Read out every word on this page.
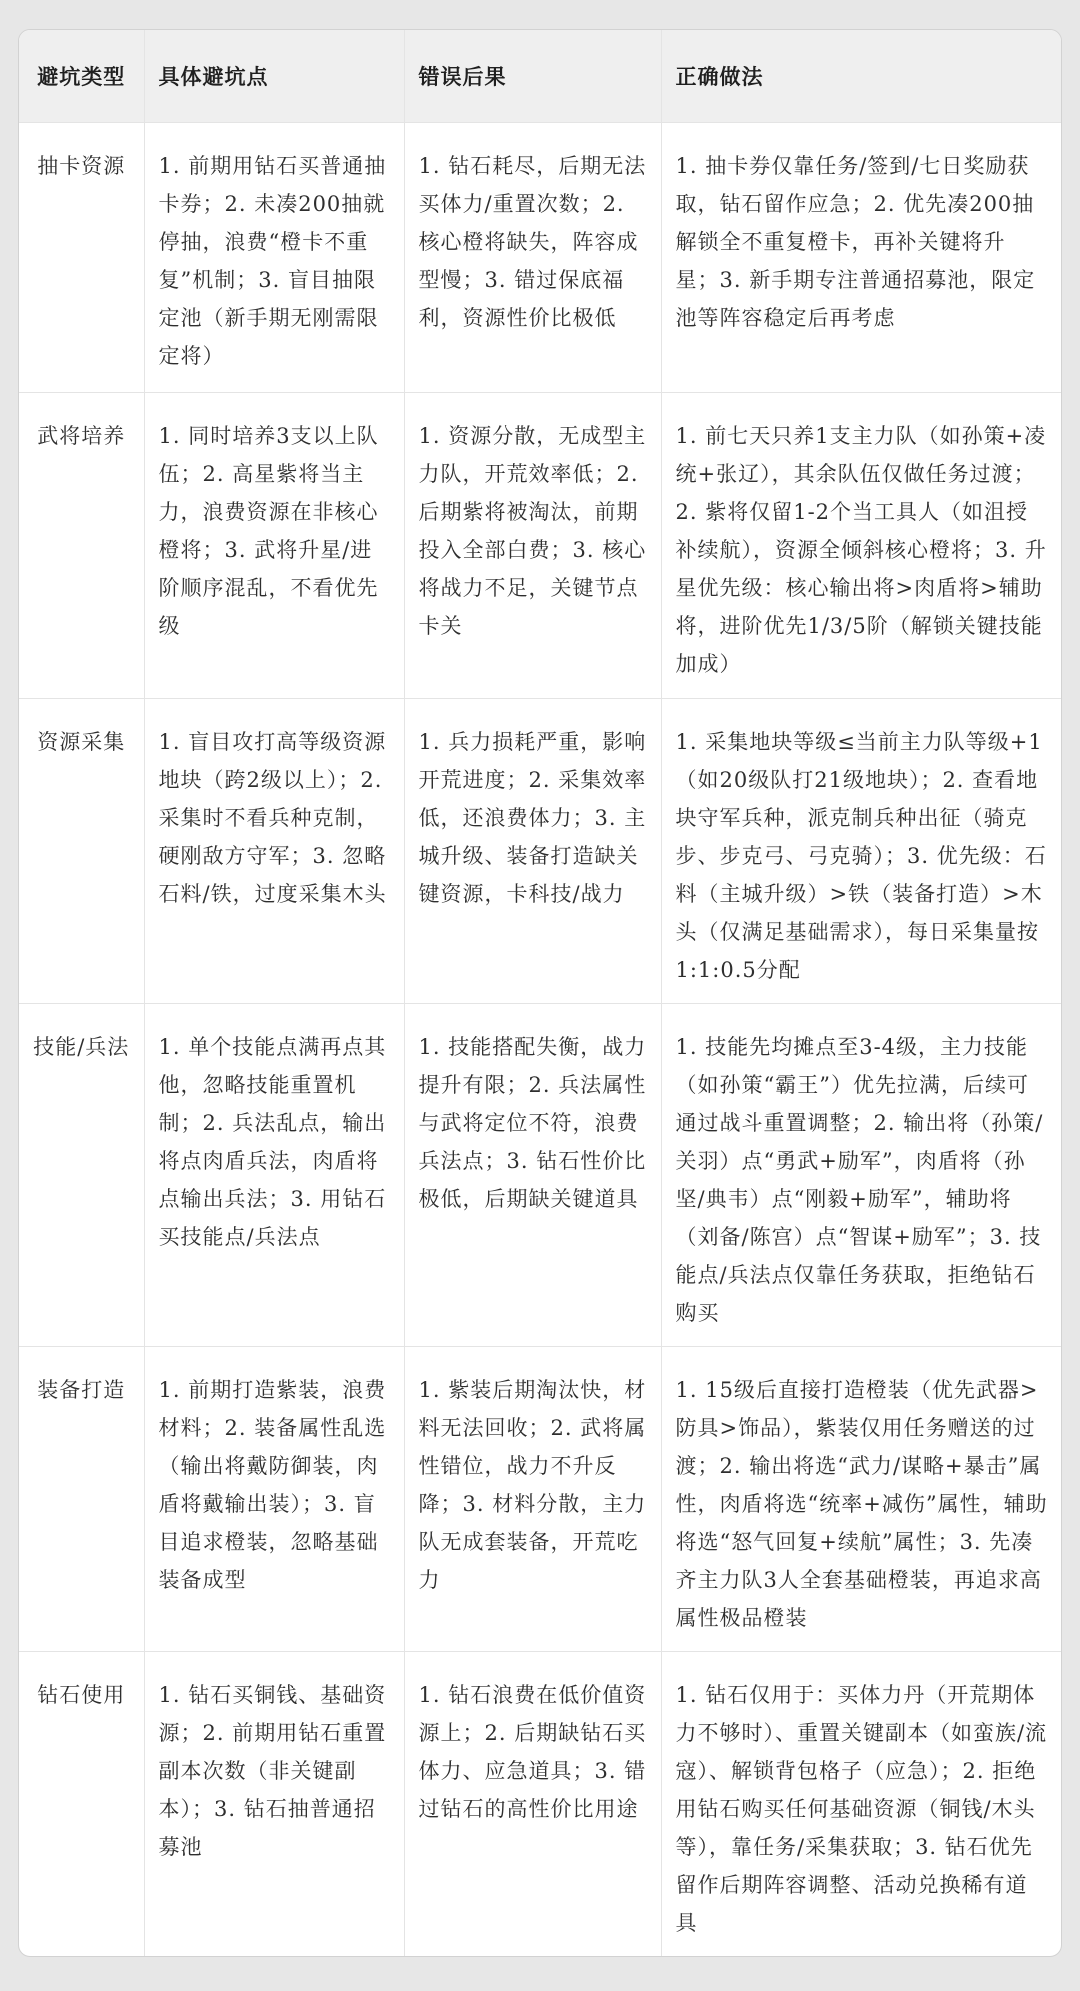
避坑类型	具体避坑点	错误后果	正确做法
抽卡资源	1. 前期用钻石买普通抽卡券；2. 未凑200抽就停抽，浪费“橙卡不重复”机制；3. 盲目抽限定池（新手期无刚需限定将）	1. 钻石耗尽，后期无法买体力/重置次数；2. 核心橙将缺失，阵容成型慢；3. 错过保底福利，资源性价比极低	1. 抽卡券仅靠任务/签到/七日奖励获取，钻石留作应急；2. 优先凑200抽解锁全不重复橙卡，再补关键将升星；3. 新手期专注普通招募池，限定池等阵容稳定后再考虑
武将培养	1. 同时培养3支以上队伍；2. 高星紫将当主力，浪费资源在非核心橙将；3. 武将升星/进阶顺序混乱，不看优先级	1. 资源分散，无成型主力队，开荒效率低；2. 后期紫将被淘汰，前期投入全部白费；3. 核心将战力不足，关键节点卡关	1. 前七天只养1支主力队（如孙策+凌统+张辽），其余队伍仅做任务过渡；2. 紫将仅留1-2个当工具人（如沮授补续航），资源全倾斜核心橙将；3. 升星优先级：核心输出将>肉盾将>辅助将，进阶优先1/3/5阶（解锁关键技能加成）
资源采集	1. 盲目攻打高等级资源地块（跨2级以上）；2. 采集时不看兵种克制，硬刚敌方守军；3. 忽略石料/铁，过度采集木头	1. 兵力损耗严重，影响开荒进度；2. 采集效率低，还浪费体力；3. 主城升级、装备打造缺关键资源，卡科技/战力	1. 采集地块等级≤当前主力队等级+1（如20级队打21级地块）；2. 查看地块守军兵种，派克制兵种出征（骑克步、步克弓、弓克骑）；3. 优先级：石料（主城升级）>铁（装备打造）>木头（仅满足基础需求），每日采集量按1:1:0.5分配
技能/兵法	1. 单个技能点满再点其他，忽略技能重置机制；2. 兵法乱点，输出将点肉盾兵法，肉盾将点输出兵法；3. 用钻石买技能点/兵法点	1. 技能搭配失衡，战力提升有限；2. 兵法属性与武将定位不符，浪费兵法点；3. 钻石性价比极低，后期缺关键道具	1. 技能先均摊点至3-4级，主力技能（如孙策“霸王”）优先拉满，后续可通过战斗重置调整；2. 输出将（孙策/关羽）点“勇武+励军”，肉盾将（孙坚/典韦）点“刚毅+励军”，辅助将（刘备/陈宫）点“智谋+励军”；3. 技能点/兵法点仅靠任务获取，拒绝钻石购买
装备打造	1. 前期打造紫装，浪费材料；2. 装备属性乱选（输出将戴防御装，肉盾将戴输出装）；3. 盲目追求橙装，忽略基础装备成型	1. 紫装后期淘汰快，材料无法回收；2. 武将属性错位，战力不升反降；3. 材料分散，主力队无成套装备，开荒吃力	1. 15级后直接打造橙装（优先武器>防具>饰品），紫装仅用任务赠送的过渡；2. 输出将选“武力/谋略+暴击”属性，肉盾将选“统率+减伤”属性，辅助将选“怒气回复+续航”属性；3. 先凑齐主力队3人全套基础橙装，再追求高属性极品橙装
钻石使用	1. 钻石买铜钱、基础资源；2. 前期用钻石重置副本次数（非关键副本）；3. 钻石抽普通招募池	1. 钻石浪费在低价值资源上；2. 后期缺钻石买体力、应急道具；3. 错过钻石的高性价比用途	1. 钻石仅用于：买体力丹（开荒期体力不够时）、重置关键副本（如蛮族/流寇）、解锁背包格子（应急）；2. 拒绝用钻石购买任何基础资源（铜钱/木头等），靠任务/采集获取；3. 钻石优先留作后期阵容调整、活动兑换稀有道具
